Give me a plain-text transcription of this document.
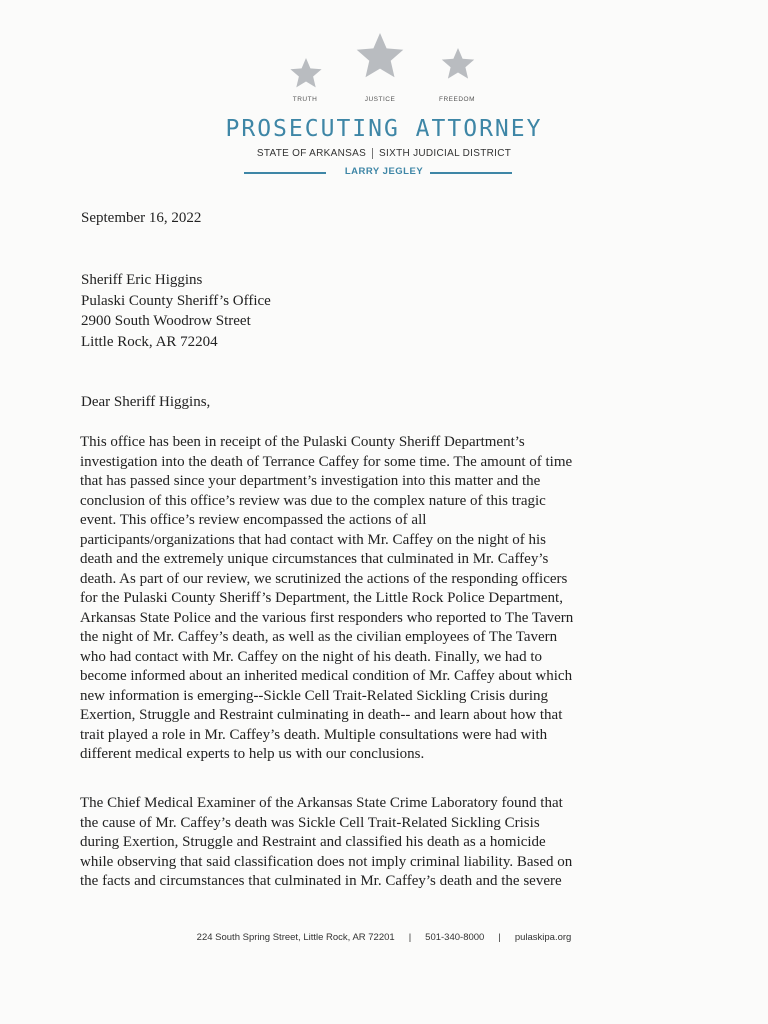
TRUTH	JUSTICE	FREEDOM
PROSECUTING ATTORNEY
STATE OF ARKANSAS SIXTH JUDICIAL DISTRICT
LARRY JEGLEY
September 16, 2022
Sheriff Eric Higgins
Pulaski County Sheriff’s Office
2900 South Woodrow Street
Little Rock, AR 72204
Dear Sheriff Higgins,
This office has been in receipt of the Pulaski County Sheriff Department’s
investigation into the death of Terrance Caffey for some time. The amount of time
that has passed since your department’s investigation into this matter and the
conclusion of this office’s review was due to the complex nature of this tragic
event. This office’s review encompassed the actions of all
participants/organizations that had contact with Mr. Caffey on the night of his
death and the extremely unique circumstances that culminated in Mr. Caffey’s
death. As part of our review, we scrutinized the actions of the responding officers
for the Pulaski County Sheriff’s Department, the Little Rock Police Department,
Arkansas State Police and the various first responders who reported to The Tavern
the night of Mr. Caffey’s death, as well as the civilian employees of The Tavern
who had contact with Mr. Caffey on the night of his death. Finally, we had to
become informed about an inherited medical condition of Mr. Caffey about which
new information is emerging--Sickle Cell Trait-Related Sickling Crisis during
Exertion, Struggle and Restraint culminating in death-- and learn about how that
trait played a role in Mr. Caffey’s death. Multiple consultations were had with
different medical experts to help us with our conclusions.
The Chief Medical Examiner of the Arkansas State Crime Laboratory found that
the cause of Mr. Caffey’s death was Sickle Cell Trait-Related Sickling Crisis
during Exertion, Struggle and Restraint and classified his death as a homicide
while observing that said classification does not imply criminal liability. Based on
the facts and circumstances that culminated in Mr. Caffey’s death and the severe
224 South Spring Street, Little Rock, AR 72201 | 501-340-8000 | pulaskipa.org
